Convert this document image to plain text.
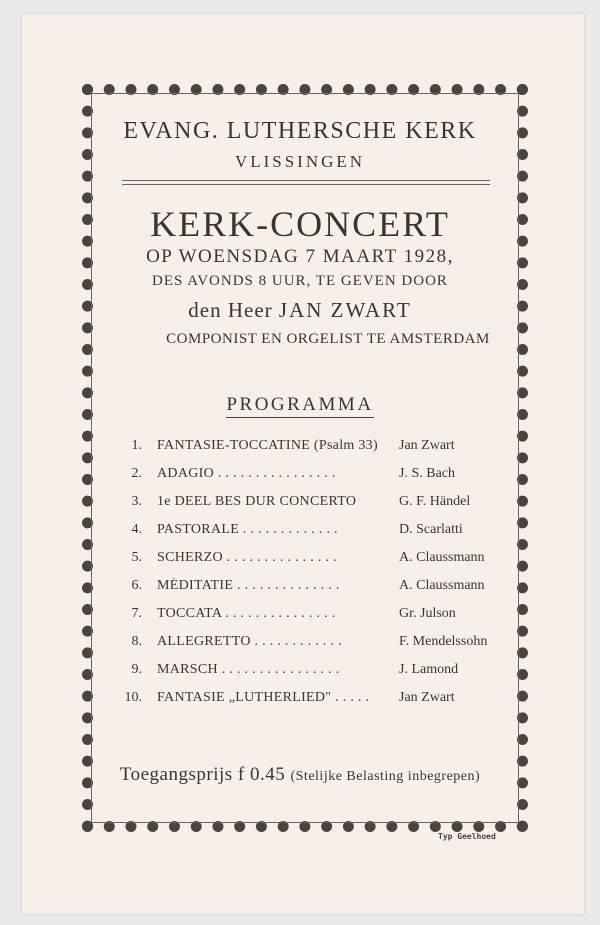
EVANG. LUTHERSCHE KERK
VLISSINGEN
KERK-CONCERT
OP WOENSDAG 7 MAART 1928,
DES AVONDS 8 UUR, TE GEVEN DOOR
den Heer JAN ZWART
COMPONIST EN ORGELIST TE AMSTERDAM
PROGRAMMA
1. FANTASIE-TOCCATINE (Psalm 33)	Jan Zwart
2. ADAGIO . . . . . . . . . . . . . . . .	J. S. Bach
3. 1e DEEL BES DUR CONCERTO	G. F. Händel
4. PASTORALE . . . . . . . . . . . . .	D. Scarlatti
5. SCHERZO . . . . . . . . . . . . . . .	A. Claussmann
6. MÉDITATIE . . . . . . . . . . . . . .	A. Claussmann
7. TOCCATA . . . . . . . . . . . . . . .	Gr. Julson
8. ALLEGRETTO . . . . . . . . . . . .	F. Mendelssohn
9. MARSCH . . . . . . . . . . . . . . . .	J. Lamond
10. FANTASIE „LUTHERLIED" . . . . .	Jan Zwart
Toegangsprijs f 0.45 (Stelijke Belasting inbegrepen)
Typ Geelhoed
